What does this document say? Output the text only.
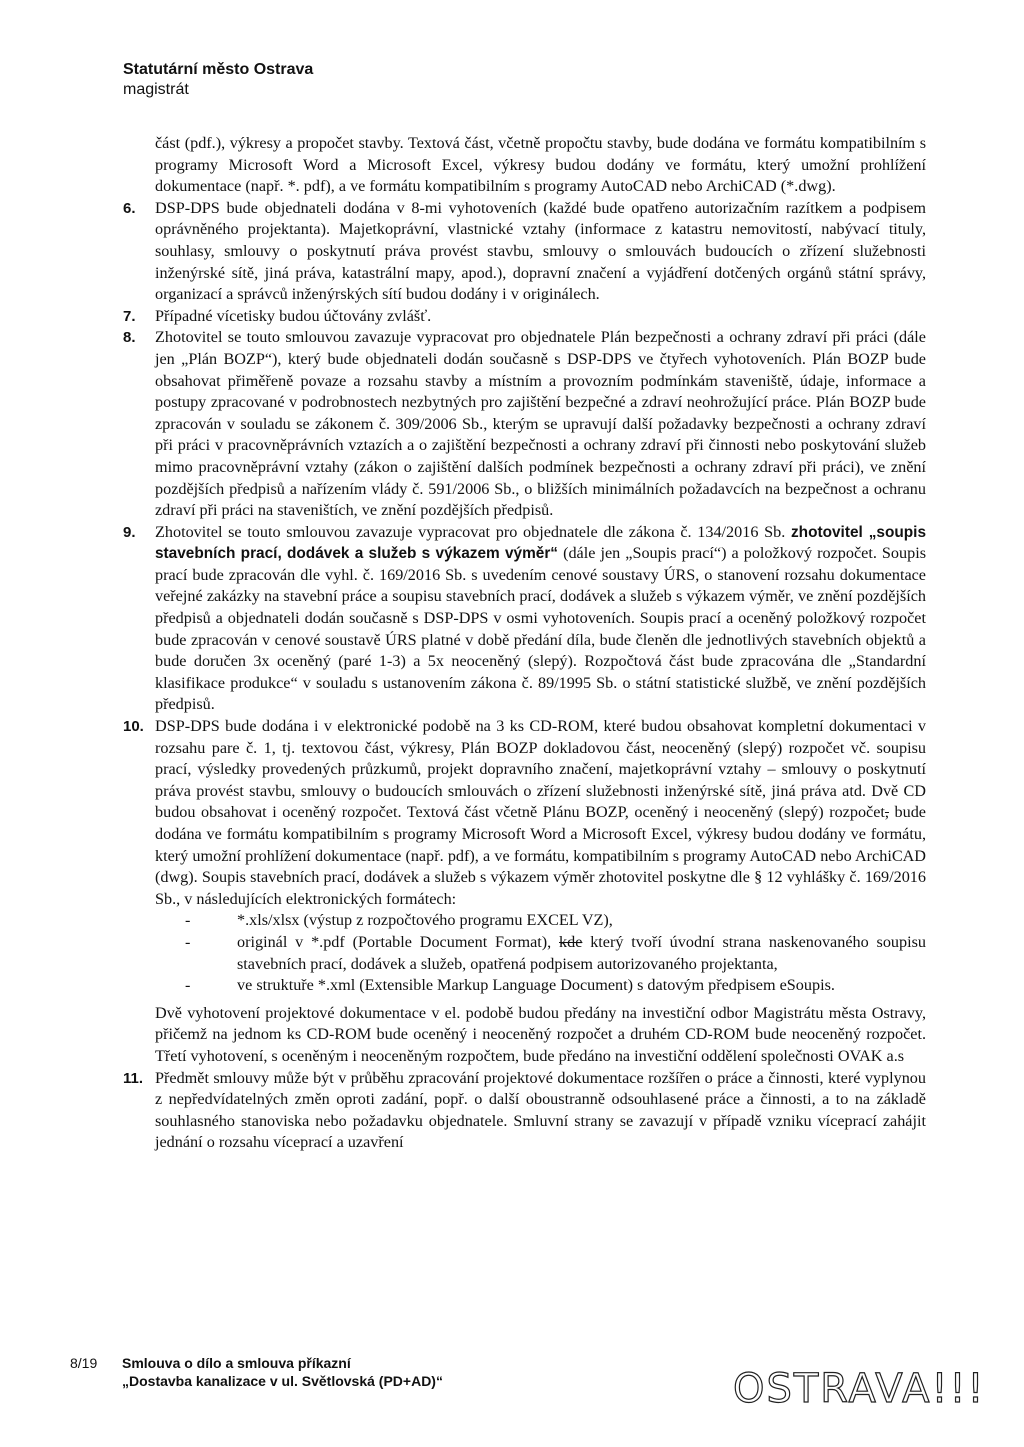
Statutární město Ostrava
magistrát

část (pdf.), výkresy a propočet stavby. Textová část, včetně propočtu stavby, bude dodána ve formátu kompatibilním s programy Microsoft Word a Microsoft Excel, výkresy budou dodány ve formátu, který umožní prohlížení dokumentace (např. *. pdf), a ve formátu kompatibilním s programy AutoCAD nebo ArchiCAD (*.dwg).

6. DSP-DPS bude objednateli dodána v 8-mi vyhotoveních (každé bude opatřeno autorizačním razítkem a podpisem oprávněného projektanta). Majetkoprávní, vlastnické vztahy (informace z katastru nemovitostí, nabývací tituly, souhlasy, smlouvy o poskytnutí práva provést stavbu, smlouvy o smlouvách budoucích o zřízení služebnosti inženýrské sítě, jiná práva, katastrální mapy, apod.), dopravní značení a vyjádření dotčených orgánů státní správy, organizací a správců inženýrských sítí budou dodány i v originálech.
7. Případné vícetisky budou účtovány zvlášť.
8. Zhotovitel se touto smlouvou zavazuje vypracovat pro objednatele Plán bezpečnosti a ochrany zdraví při práci (dále jen „Plán BOZP“), který bude objednateli dodán současně s DSP-DPS ve čtyřech vyhotoveních. Plán BOZP bude obsahovat přiměřeně povaze a rozsahu stavby a místním a provozním podmínkám staveniště, údaje, informace a postupy zpracované v podrobnostech nezbytných pro zajištění bezpečné a zdraví neohrožující práce. Plán BOZP bude zpracován v souladu se zákonem č. 309/2006 Sb., kterým se upravují další požadavky bezpečnosti a ochrany zdraví při práci v pracovněprávních vztazích a o zajištění bezpečnosti a ochrany zdraví při činnosti nebo poskytování služeb mimo pracovněprávní vztahy (zákon o zajištění dalších podmínek bezpečnosti a ochrany zdraví při práci), ve znění pozdějších předpisů a nařízením vlády č. 591/2006 Sb., o bližších minimálních požadavcích na bezpečnost a ochranu zdraví při práci na staveništích, ve znění pozdějších předpisů.
9. Zhotovitel se touto smlouvou zavazuje vypracovat pro objednatele dle zákona č. 134/2016 Sb. zhotovitel „soupis stavebních prací, dodávek a služeb s výkazem výměr“ (dále jen „Soupis prací“) a položkový rozpočet. Soupis prací bude zpracován dle vyhl. č. 169/2016 Sb. s uvedením cenové soustavy ÚRS, o stanovení rozsahu dokumentace veřejné zakázky na stavební práce a soupisu stavebních prací, dodávek a služeb s výkazem výměr, ve znění pozdějších předpisů a objednateli dodán současně s DSP-DPS v osmi vyhotoveních. Soupis prací a oceněný položkový rozpočet bude zpracován v cenové soustavě ÚRS platné v době předání díla, bude členěn dle jednotlivých stavebních objektů a bude doručen 3x oceněný (paré 1-3) a 5x neoceněný (slepý). Rozpočtová část bude zpracována dle „Standardní klasifikace produkce“ v souladu s ustanovením zákona č. 89/1995 Sb. o státní statistické službě, ve znění pozdějších předpisů.
10. DSP-DPS bude dodána i v elektronické podobě na 3 ks CD-ROM, které budou obsahovat kompletní dokumentaci v rozsahu pare č. 1, tj. textovou část, výkresy, Plán BOZP dokladovou část, neoceněný (slepý) rozpočet vč. soupisu prací, výsledky provedených průzkumů, projekt dopravního značení, majetkoprávní vztahy – smlouvy o poskytnutí práva provést stavbu, smlouvy o budoucích smlouvách o zřízení služebnosti inženýrské sítě, jiná práva atd. Dvě CD budou obsahovat i oceněný rozpočet. Textová část včetně Plánu BOZP, oceněný i neoceněný (slepý) rozpočet, bude dodána ve formátu kompatibilním s programy Microsoft Word a Microsoft Excel, výkresy budou dodány ve formátu, který umožní prohlížení dokumentace (např. pdf), a ve formátu, kompatibilním s programy AutoCAD nebo ArchiCAD (dwg). Soupis stavebních prací, dodávek a služeb s výkazem výměr zhotovitel poskytne dle § 12 vyhlášky č. 169/2016 Sb., v následujících elektronických formátech:
-	*.xls/xlsx (výstup z rozpočtového programu EXCEL VZ),
-	originál v *.pdf (Portable Document Format), kde který tvoří úvodní strana naskenovaného soupisu stavebních prací, dodávek a služeb, opatřená podpisem autorizovaného projektanta,
-	ve struktuře *.xml (Extensible Markup Language Document) s datovým předpisem eSoupis.

Dvě vyhotovení projektové dokumentace v el. podobě budou předány na investiční odbor Magistrátu města Ostravy, přičemž na jednom ks CD-ROM bude oceněný i neoceněný rozpočet a druhém CD-ROM bude neoceněný rozpočet. Třetí vyhotovení, s oceněným i neoceněným rozpočtem, bude předáno na investiční oddělení společnosti OVAK a.s

11. Předmět smlouvy může být v průběhu zpracování projektové dokumentace rozšířen o práce a činnosti, které vyplynou z nepředvídatelných změn oproti zadání, popř. o další oboustranně odsouhlasené práce a činnosti, a to na základě souhlasného stanoviska nebo požadavku objednatele. Smluvní strany se zavazují v případě vzniku víceprací zahájit jednání o rozsahu víceprací a uzavření
8/19 Smlouva o dílo a smlouva příkazní
„Dostavba kanalizace v ul. Světlovská (PD+AD)“	OSTRAVA!!!
